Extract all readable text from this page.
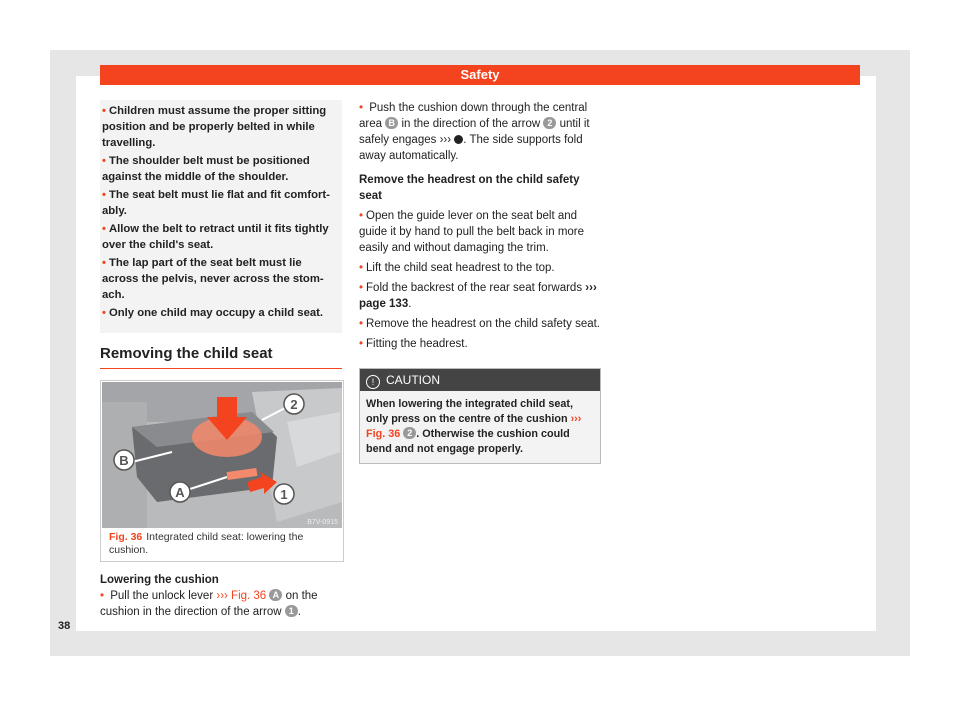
Safety

• Children must assume the proper sitting position and be properly belted in while travelling.

• The shoulder belt must be positioned against the middle of the shoulder.

• The seat belt must lie flat and fit comfort-ably.

• Allow the belt to retract until it fits tightly over the child's seat.

• The lap part of the seat belt must lie across the pelvis, never across the stom-ach.

• Only one child may occupy a child seat.

Removing the child seat
B
A
2
1
B7V-0915
Fig. 36 Integrated child seat: lowering the cushion.
Lowering the cushion
• Pull the unlock lever ››› Fig. 36 A on the cushion in the direction of the arrow 1 .
• Push the cushion down through the central area B in the direction of the arrow 2 until it safely engages ››› . The side supports fold away automatically.
Remove the headrest on the child safety seat
• Open the guide lever on the seat belt and guide it by hand to pull the belt back in more easily and without damaging the trim.
• Lift the child seat headrest to the top.
• Fold the backrest of the rear seat forwards ››› page 133.
• Remove the headrest on the child safety seat.
• Fitting the headrest.
! CAUTION
When lowering the integrated child seat, only press on the centre of the cushion ››› Fig. 36 2 . Otherwise the cushion could bend and not engage properly.
38
